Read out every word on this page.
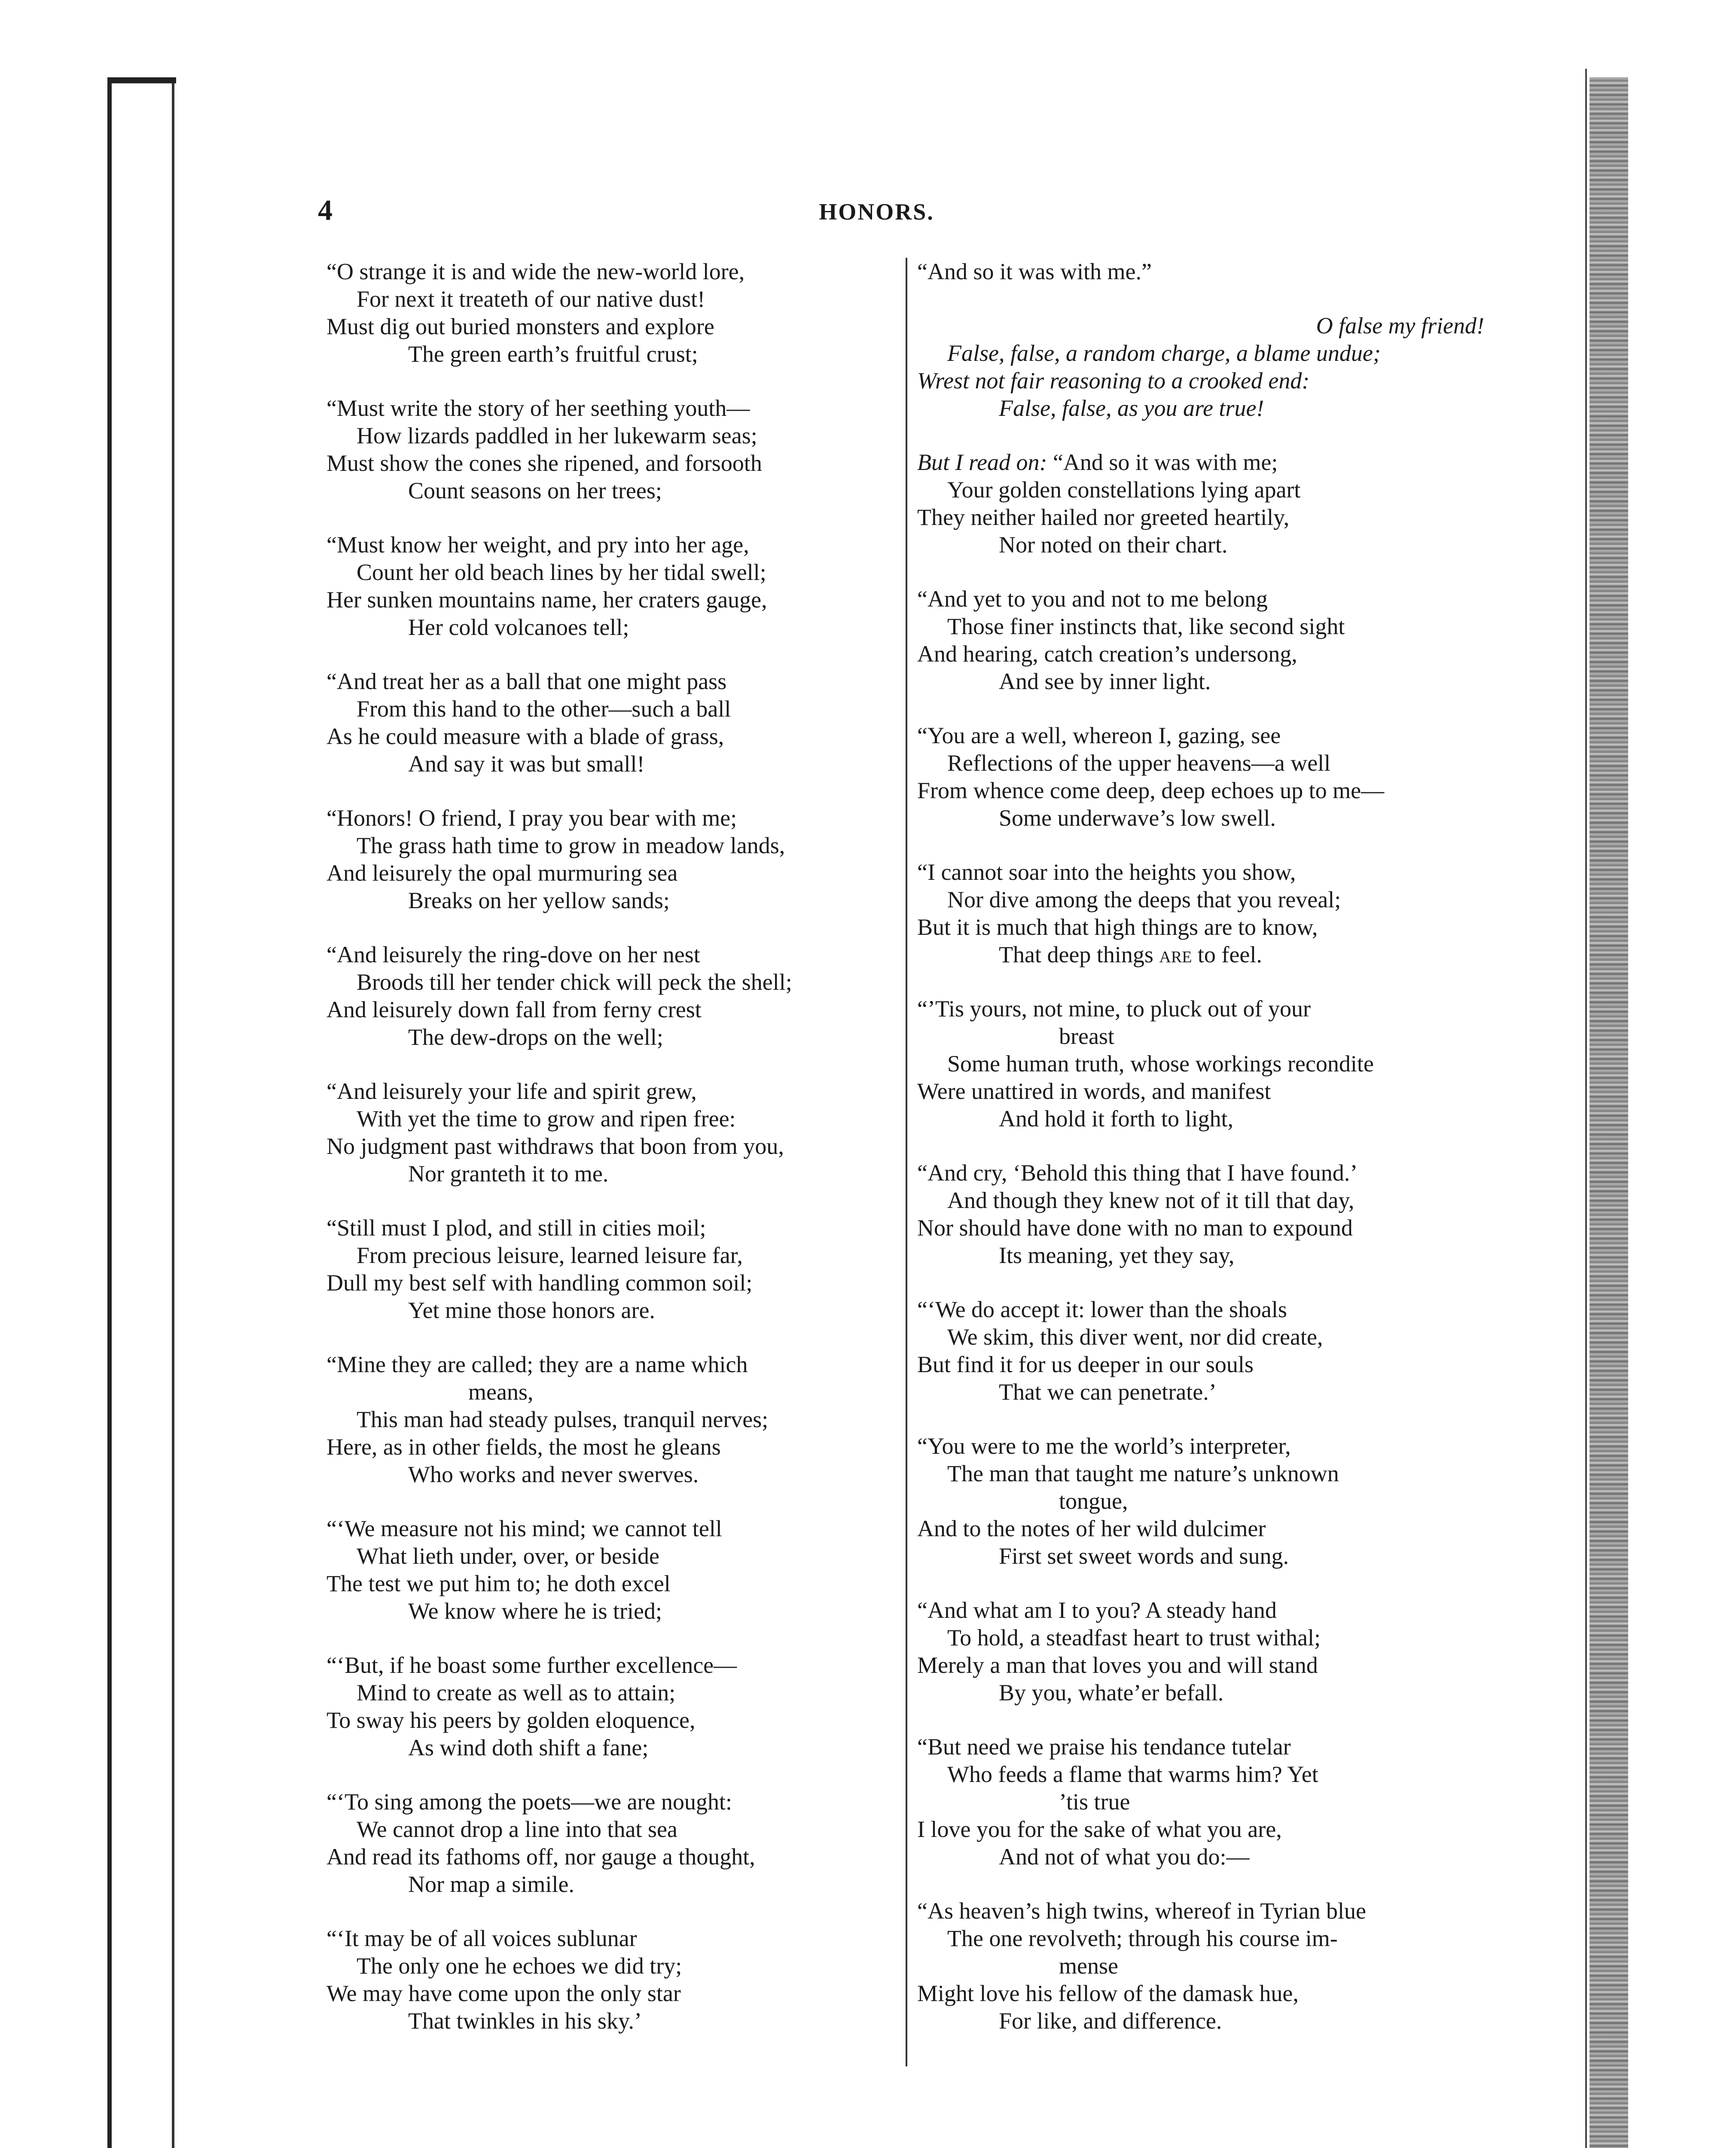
4	HONORS.
“O strange it is and wide the new-world lore,
For next it treateth of our native dust!
Must dig out buried monsters and explore
The green earth’s fruitful crust;
“Must write the story of her seething youth—
How lizards paddled in her lukewarm seas;
Must show the cones she ripened, and forsooth
Count seasons on her trees;
“Must know her weight, and pry into her age,
Count her old beach lines by her tidal swell;
Her sunken mountains name, her craters gauge,
Her cold volcanoes tell;
“And treat her as a ball that one might pass
From this hand to the other—such a ball
As he could measure with a blade of grass,
And say it was but small!
“Honors! O friend, I pray you bear with me;
The grass hath time to grow in meadow lands,
And leisurely the opal murmuring sea
Breaks on her yellow sands;
“And leisurely the ring-dove on her nest
Broods till her tender chick will peck the shell;
And leisurely down fall from ferny crest
The dew-drops on the well;
“And leisurely your life and spirit grew,
With yet the time to grow and ripen free:
No judgment past withdraws that boon from you,
Nor granteth it to me.
“Still must I plod, and still in cities moil;
From precious leisure, learned leisure far,
Dull my best self with handling common soil;
Yet mine those honors are.
“Mine they are called; they are a name which
means,
This man had steady pulses, tranquil nerves;
Here, as in other fields, the most he gleans
Who works and never swerves.
“‘We measure not his mind; we cannot tell
What lieth under, over, or beside
The test we put him to; he doth excel
We know where he is tried;
“‘But, if he boast some further excellence—
Mind to create as well as to attain;
To sway his peers by golden eloquence,
As wind doth shift a fane;
“‘To sing among the poets—we are nought:
We cannot drop a line into that sea
And read its fathoms off, nor gauge a thought,
Nor map a simile.
“‘It may be of all voices sublunar
The only one he echoes we did try;
We may have come upon the only star
That twinkles in his sky.’
“And so it was with me.”
O false my friend!
False, false, a random charge, a blame undue;
Wrest not fair reasoning to a crooked end:
False, false, as you are true!
But I read on: “And so it was with me;
Your golden constellations lying apart
They neither hailed nor greeted heartily,
Nor noted on their chart.
“And yet to you and not to me belong
Those finer instincts that, like second sight
And hearing, catch creation’s undersong,
And see by inner light.
“You are a well, whereon I, gazing, see
Reflections of the upper heavens—a well
From whence come deep, deep echoes up to me—
Some underwave’s low swell.
“I cannot soar into the heights you show,
Nor dive among the deeps that you reveal;
But it is much that high things are to know,
That deep things are to feel.
“’Tis yours, not mine, to pluck out of your
breast
Some human truth, whose workings recondite
Were unattired in words, and manifest
And hold it forth to light,
“And cry, ‘Behold this thing that I have found.’
And though they knew not of it till that day,
Nor should have done with no man to expound
Its meaning, yet they say,
“‘We do accept it: lower than the shoals
We skim, this diver went, nor did create,
But find it for us deeper in our souls
That we can penetrate.’
“You were to me the world’s interpreter,
The man that taught me nature’s unknown
tongue,
And to the notes of her wild dulcimer
First set sweet words and sung.
“And what am I to you? A steady hand
To hold, a steadfast heart to trust withal;
Merely a man that loves you and will stand
By you, whate’er befall.
“But need we praise his tendance tutelar
Who feeds a flame that warms him? Yet
’tis true
I love you for the sake of what you are,
And not of what you do:—
“As heaven’s high twins, whereof in Tyrian blue
The one revolveth; through his course im-
mense
Might love his fellow of the damask hue,
For like, and difference.
